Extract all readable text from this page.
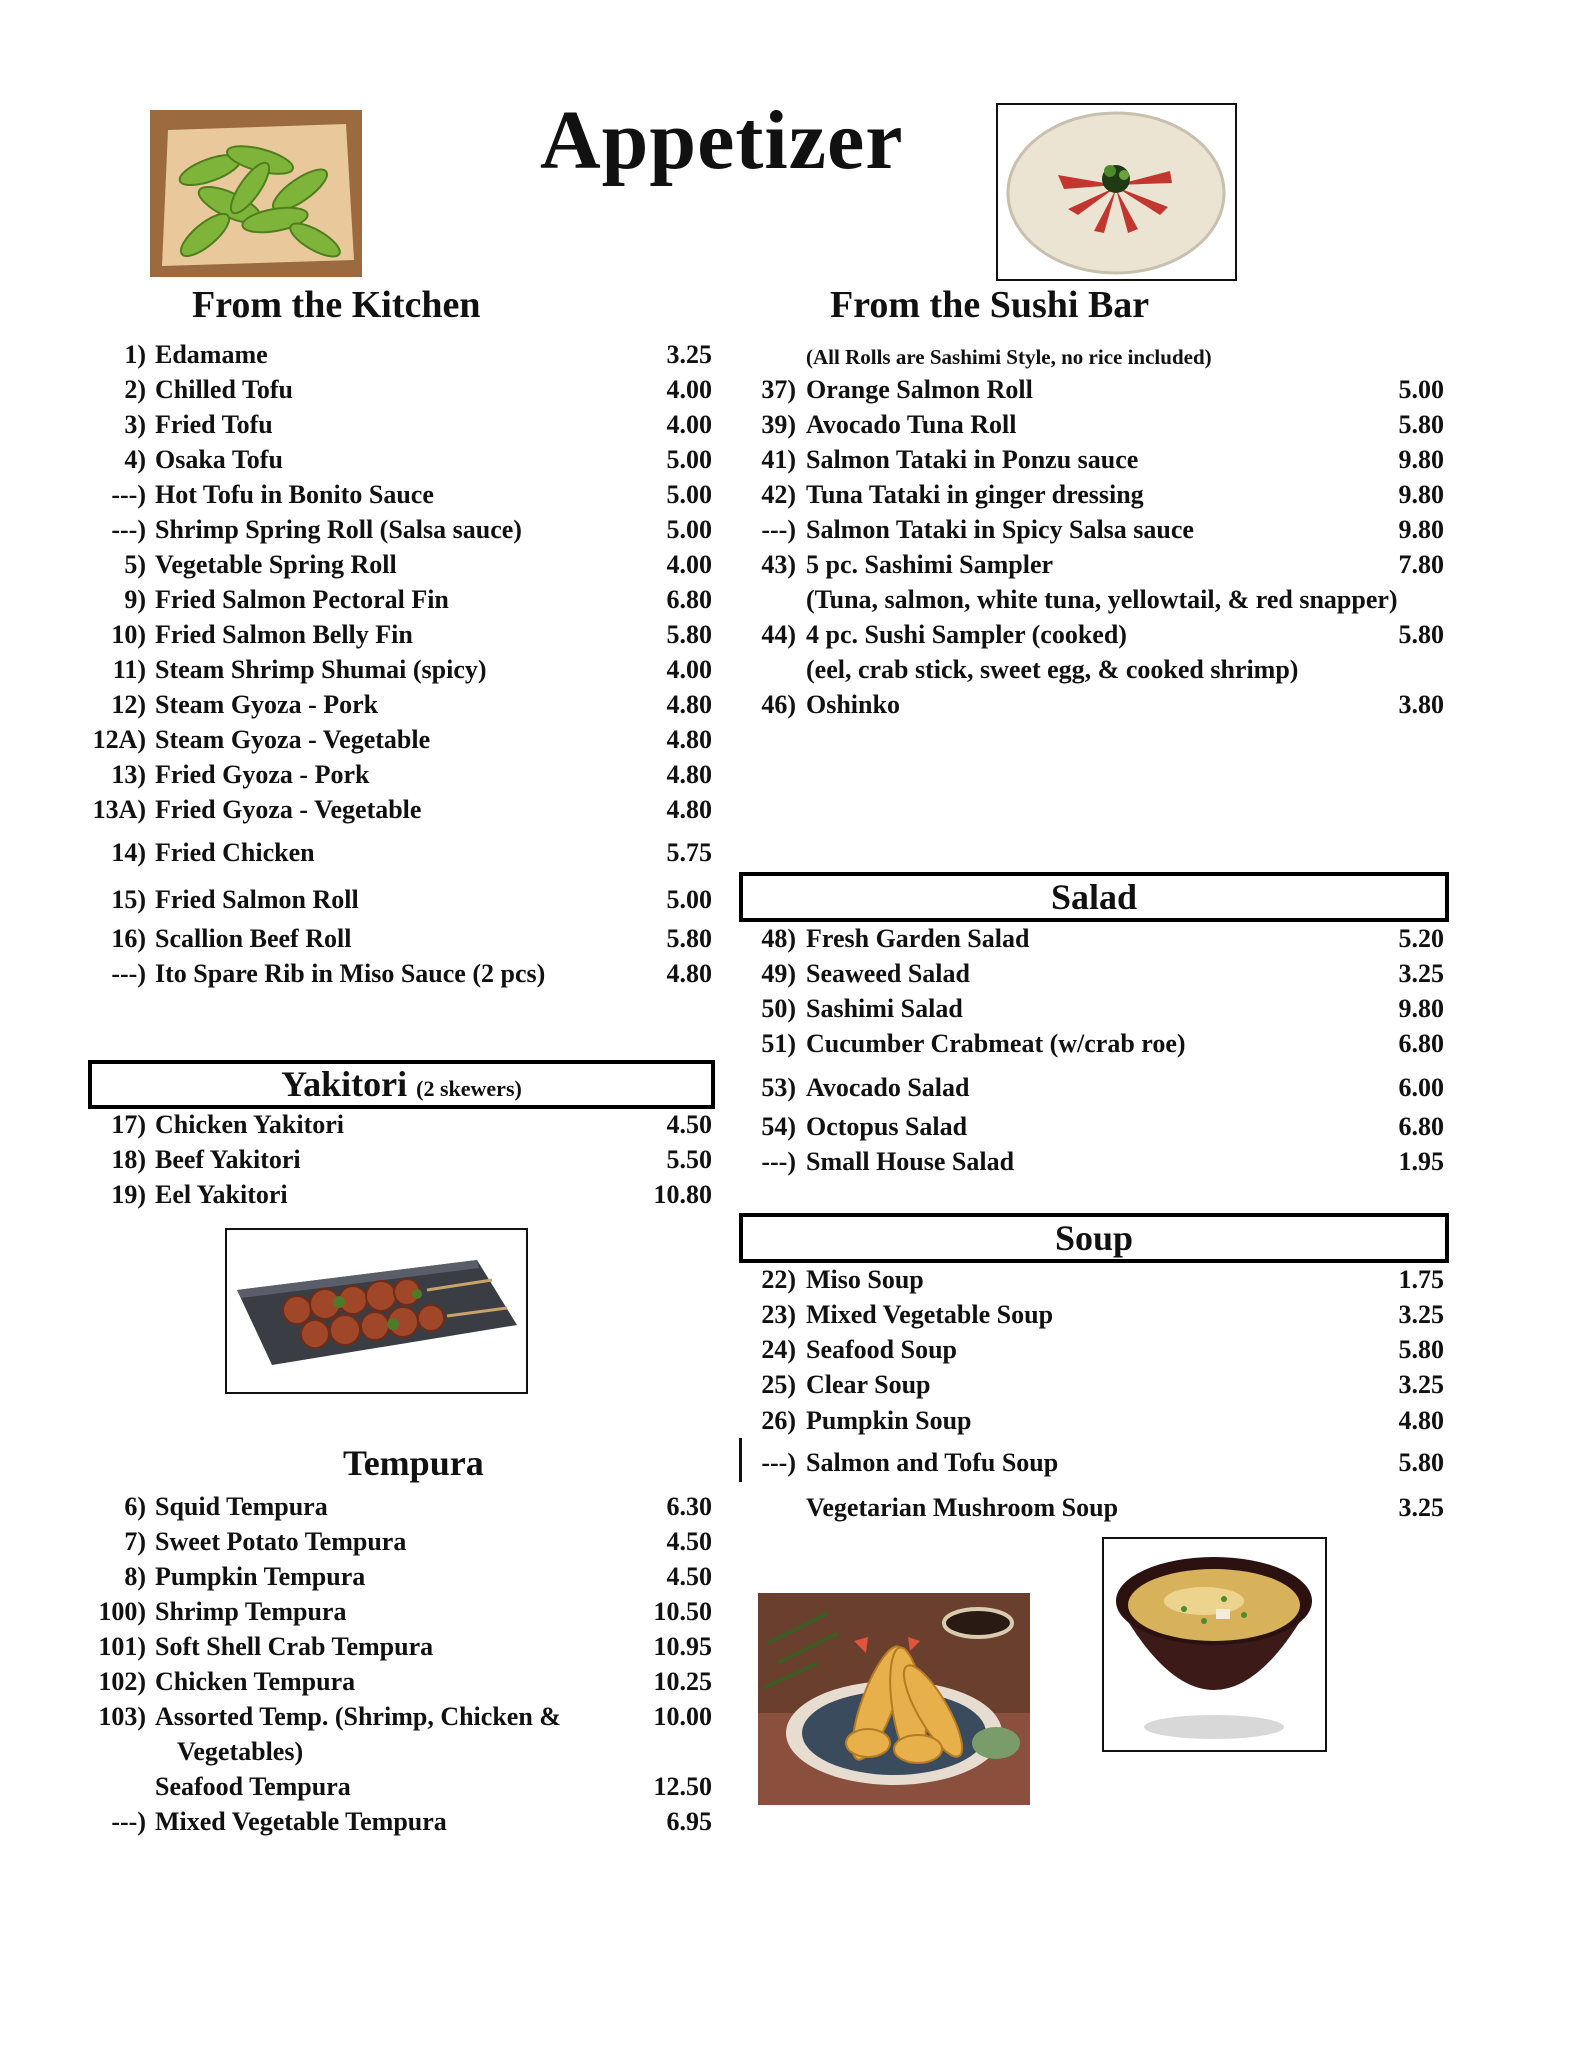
Appetizer
From the Kitchen	From the Sushi Bar
(All Rolls are Sashimi Style, no rice included)
1) Edamame	3.25
2) Chilled Tofu	4.00
3) Fried Tofu	4.00
4) Osaka Tofu	5.00
---) Hot Tofu in Bonito Sauce	5.00
---) Shrimp Spring Roll (Salsa sauce)	5.00
5) Vegetable Spring Roll	4.00
9) Fried Salmon Pectoral Fin	6.80
10) Fried Salmon Belly Fin	5.80
11) Steam Shrimp Shumai (spicy)	4.00
12) Steam Gyoza - Pork	4.80
12A) Steam Gyoza - Vegetable	4.80
13) Fried Gyoza - Pork	4.80
13A) Fried Gyoza - Vegetable	4.80
14) Fried Chicken	5.75
15) Fried Salmon Roll	5.00
16) Scallion Beef Roll	5.80
---) Ito Spare Rib in Miso Sauce (2 pcs)	4.80
37) Orange Salmon Roll	5.00
39) Avocado Tuna Roll	5.80
41) Salmon Tataki in Ponzu sauce	9.80
42) Tuna Tataki in ginger dressing	9.80
---) Salmon Tataki in Spicy Salsa sauce	9.80
43) 5 pc. Sashimi Sampler	7.80
(Tuna, salmon, white tuna, yellowtail, & red snapper)
44) 4 pc. Sushi Sampler (cooked)	5.80
(eel, crab stick, sweet egg, & cooked shrimp)
46) Oshinko	3.80
Yakitori (2 skewers)
17) Chicken Yakitori	4.50
18) Beef Yakitori	5.50
19) Eel Yakitori	10.80
Tempura
6) Squid Tempura	6.30
7) Sweet Potato Tempura	4.50
8) Pumpkin Tempura	4.50
100) Shrimp Tempura	10.50
101) Soft Shell Crab Tempura	10.95
102) Chicken Tempura	10.25
103) Assorted Temp. (Shrimp, Chicken &	10.00
Vegetables)
Seafood Tempura	12.50
---) Mixed Vegetable Tempura	6.95
Salad
48) Fresh Garden Salad	5.20
49) Seaweed Salad	3.25
50) Sashimi Salad	9.80
51) Cucumber Crabmeat (w/crab roe)	6.80
53) Avocado Salad	6.00
54) Octopus Salad	6.80
---) Small House Salad	1.95
Soup
22) Miso Soup	1.75
23) Mixed Vegetable Soup	3.25
24) Seafood Soup	5.80
25) Clear Soup	3.25
26) Pumpkin Soup	4.80
---) Salmon and Tofu Soup	5.80
Vegetarian Mushroom Soup	3.25
